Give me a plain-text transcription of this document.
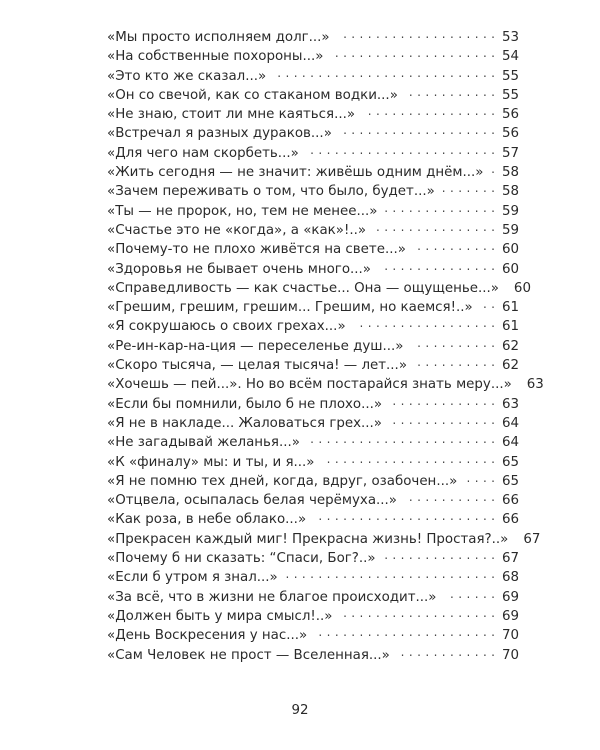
«Мы просто исполняем долг...» . . .	53
«На собственные похороны...» . . .	54
«Это кто же сказал...» . . .	55
«Он со свечой, как со стаканом водки...» . . .	55
«Не знаю, стоит ли мне каяться...» . . .	56
«Встречал я разных дураков...» . . .	56
«Для чего нам скорбеть...» . . .	57
«Жить сегодня — не значит: живёшь одним днём...» . . . 58
«Зачем переживать о том, что было, будет...» . . .	58
«Ты — не пророк, но, тем не менее...» . . .	59
«Счастье это не «когда», а «как»!..» . . .	59
«Почему-то не плохо живётся на свете...» . . .	60
«Здоровья не бывает очень много...» . . .	60
«Справедливость — как счастье... Она — ощущенье...» 60
«Грешим, грешим, грешим... Грешим, но каемся!..» . . . 61
«Я сокрушаюсь о своих грехах...» . . .	61
«Ре-ин-кар-на-ция — переселенье душ...» . . .	62
«Скоро тысяча, — целая тысяча! — лет...» . . .	62
«Хочешь — пей...». Но во всём постарайся знать меру...» 63
«Если бы помнили, было б не плохо...» . . .	63
«Я не в накладе... Жаловаться грех...» . . .	64
«Не загадывай желанья...» . . .	64
«К «финалу» мы: и ты, и я...» . . .	65
«Я не помню тех дней, когда, вдруг, озабочен...» . . .	65
«Отцвела, осыпалась белая черёмуха...» . . .	66
«Как роза, в небе облако...» . . .	66
«Прекрасен каждый миг! Прекрасна жизнь! Простая?..» 67
«Почему б ни сказать: “Спаси, Бог?..» . . .	67
«Если б утром я знал...» . . .	68
«За всё, что в жизни не благое происходит...» . . .	69
«Должен быть у мира смысл!..» . . .	69
«День Воскресения у нас...» . . .	70
«Сам Человек не прост — Вселенная...» . . .	70
92
